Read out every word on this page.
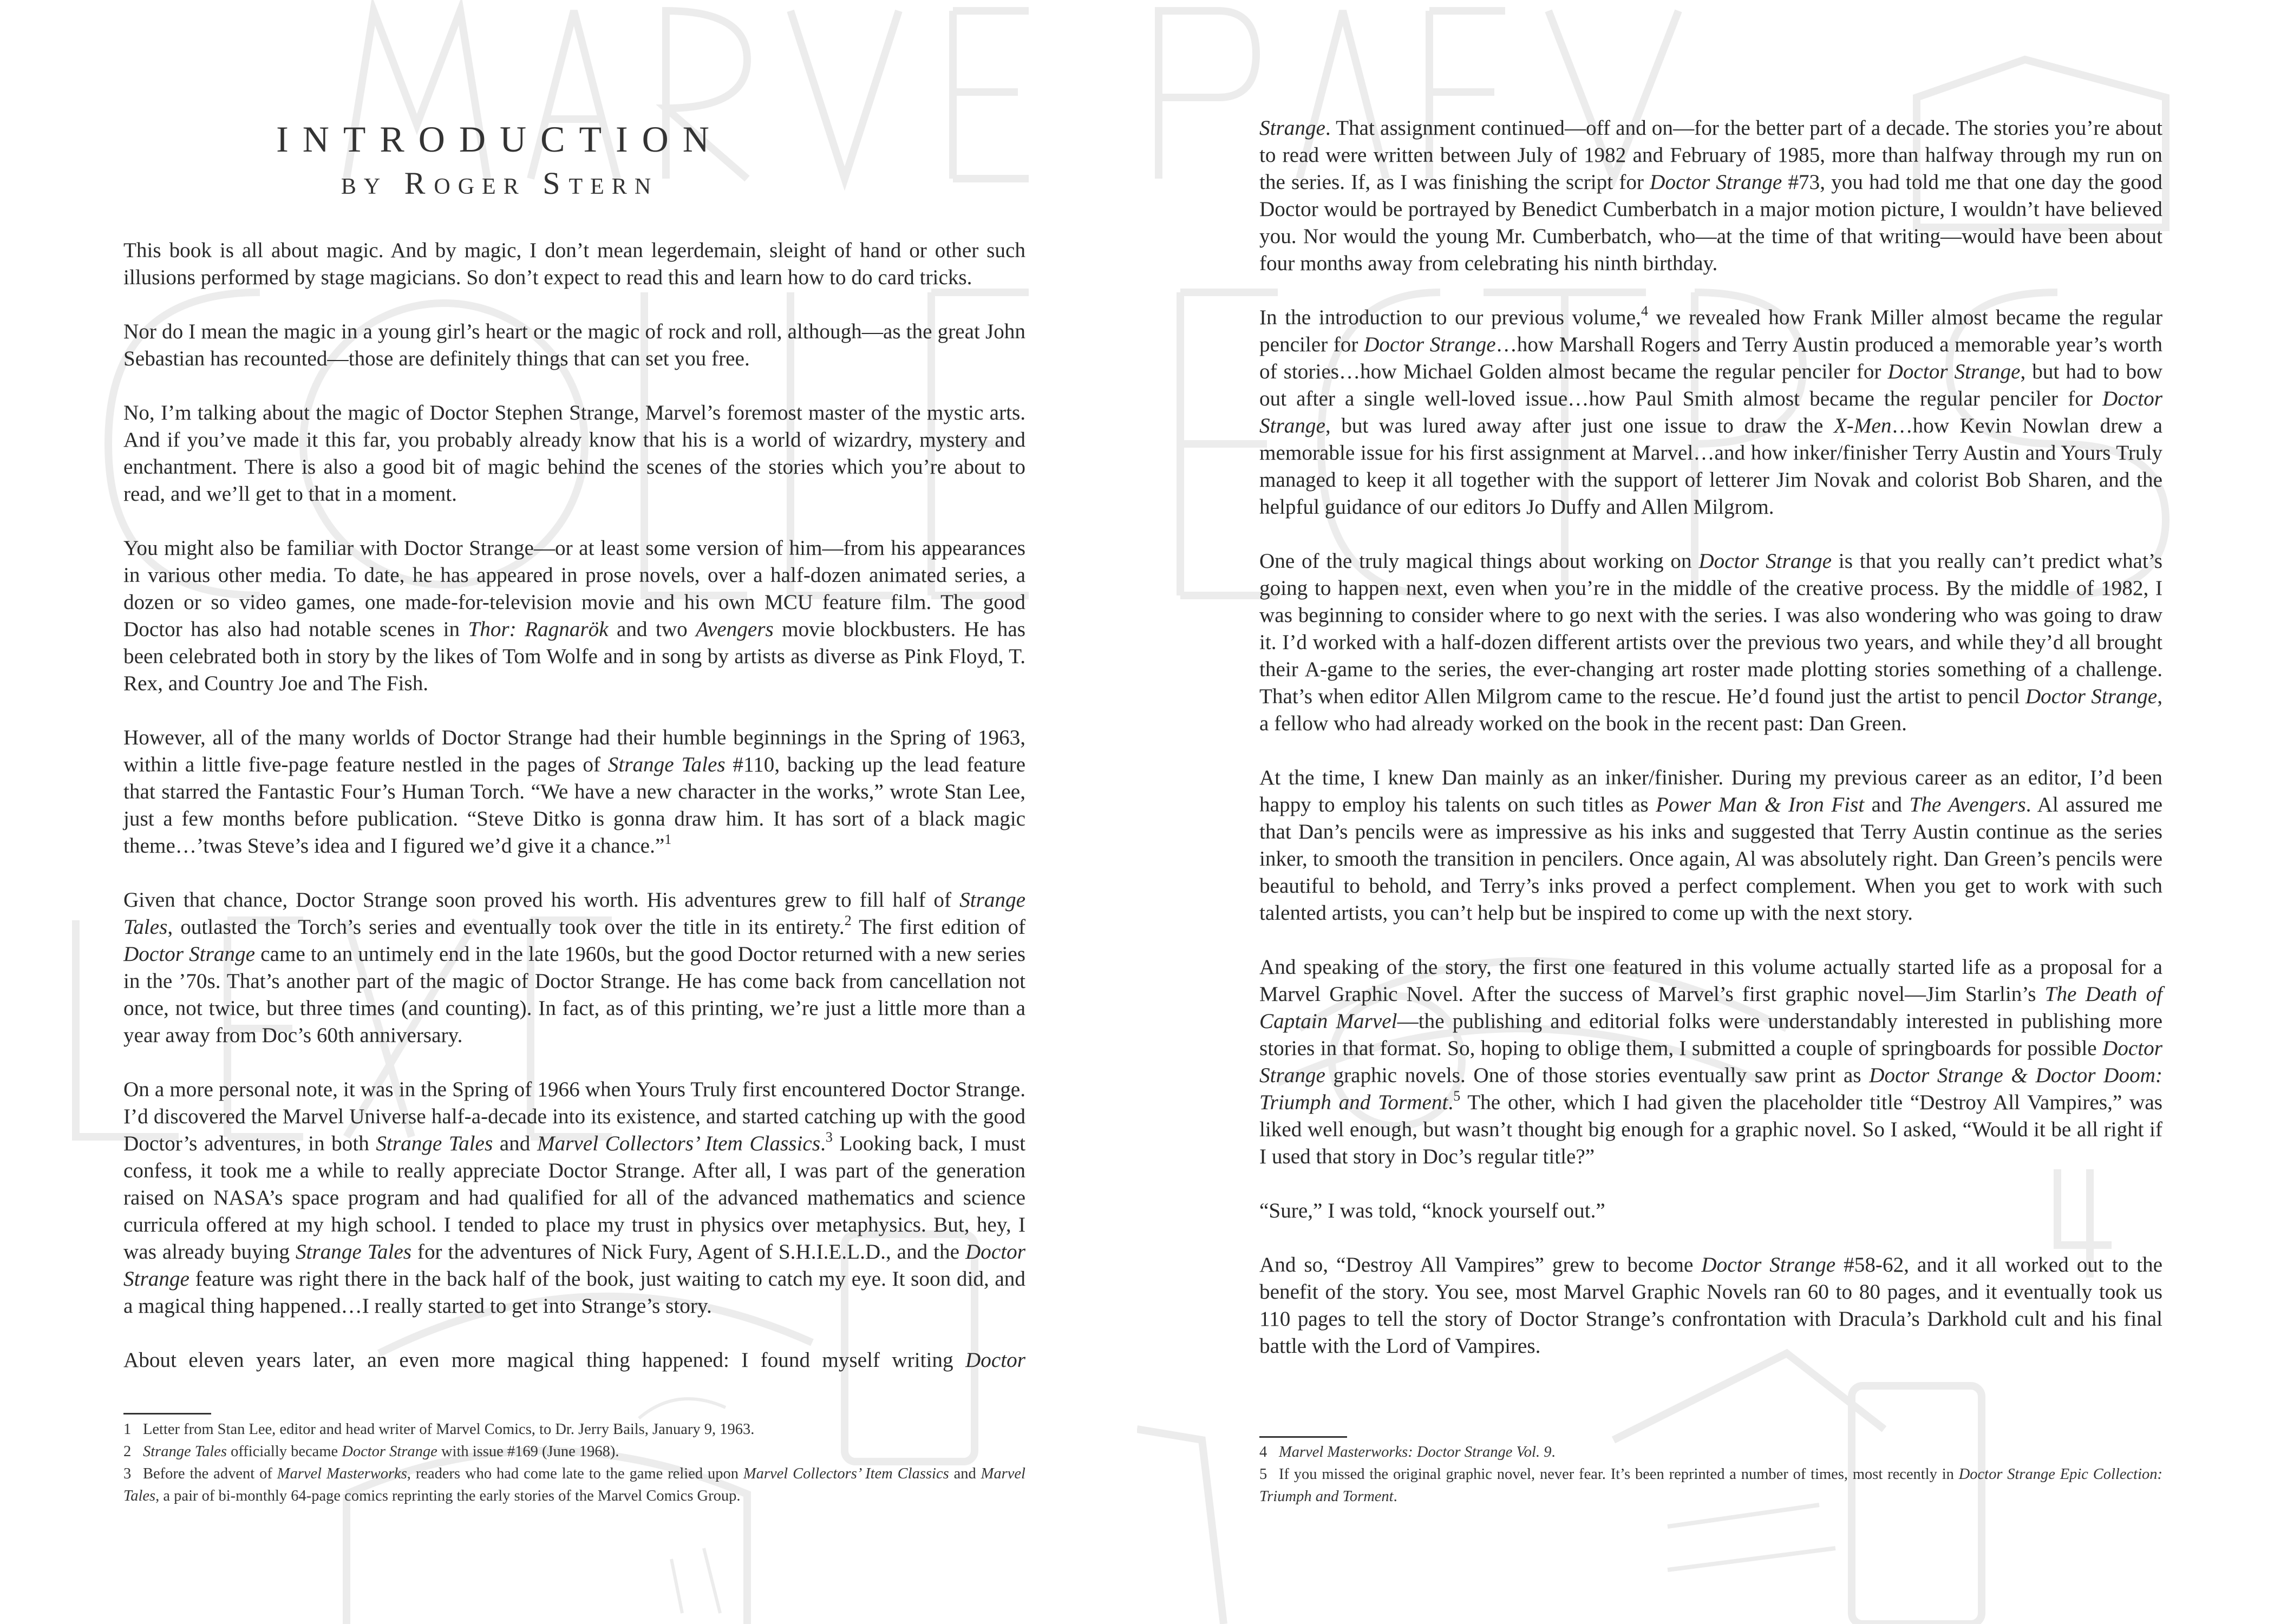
INTRODUCTION
BY ROGER STERN

This book is all about magic. And by magic, I don’t mean legerdemain, sleight of hand or other such illusions performed by stage magicians. So don’t expect to read this and learn how to do card tricks.

Nor do I mean the magic in a young girl’s heart or the magic of rock and roll, although—as the great John Sebastian has recounted—those are definitely things that can set you free.

No, I’m talking about the magic of Doctor Stephen Strange, Marvel’s foremost master of the mystic arts. And if you’ve made it this far, you probably already know that his is a world of wizardry, mystery and enchantment. There is also a good bit of magic behind the scenes of the stories which you’re about to read, and we’ll get to that in a moment.

You might also be familiar with Doctor Strange—or at least some version of him—from his appearances in various other media. To date, he has appeared in prose novels, over a half-dozen animated series, a dozen or so video games, one made-for-television movie and his own MCU feature film. The good Doctor has also had notable scenes in Thor: Ragnarök and two Avengers movie blockbusters. He has been celebrated both in story by the likes of Tom Wolfe and in song by artists as diverse as Pink Floyd, T. Rex, and Country Joe and The Fish.

However, all of the many worlds of Doctor Strange had their humble beginnings in the Spring of 1963, within a little five-page feature nestled in the pages of Strange Tales #110, backing up the lead feature that starred the Fantastic Four’s Human Torch. “We have a new character in the works,” wrote Stan Lee, just a few months before publication. “Steve Ditko is gonna draw him. It has sort of a black magic theme…’twas Steve’s idea and I figured we’d give it a chance.”$^1$

Given that chance, Doctor Strange soon proved his worth. His adventures grew to fill half of Strange Tales, outlasted the Torch’s series and eventually took over the title in its entirety.$^2$ The first edition of Doctor Strange came to an untimely end in the late 1960s, but the good Doctor returned with a new series in the ’70s. That’s another part of the magic of Doctor Strange. He has come back from cancellation not once, not twice, but three times (and counting). In fact, as of this printing, we’re just a little more than a year away from Doc’s 60th anniversary.

On a more personal note, it was in the Spring of 1966 when Yours Truly first encountered Doctor Strange. I’d discovered the Marvel Universe half-a-decade into its existence, and started catching up with the good Doctor’s adventures, in both Strange Tales and Marvel Collectors’ Item Classics.$^3$ Looking back, I must confess, it took me a while to really appreciate Doctor Strange. After all, I was part of the generation raised on NASA’s space program and had qualified for all of the advanced mathematics and science curricula offered at my high school. I tended to place my trust in physics over metaphysics. But, hey, I was already buying Strange Tales for the adventures of Nick Fury, Agent of S.H.I.E.L.D., and the Doctor Strange feature was right there in the back half of the book, just waiting to catch my eye. It soon did, and a magical thing happened…I really started to get into Strange’s story.

About eleven years later, an even more magical thing happened: I found myself writing Doctor

1 Letter from Stan Lee, editor and head writer of Marvel Comics, to Dr. Jerry Bails, January 9, 1963.

2 Strange Tales officially became Doctor Strange with issue #169 (June 1968).

3 Before the advent of Marvel Masterworks, readers who had come late to the game relied upon Marvel Collectors’ Item Classics and Marvel Tales, a pair of bi-monthly 64-page comics reprinting the early stories of the Marvel Comics Group.

Strange. That assignment continued—off and on—for the better part of a decade. The stories you’re about to read were written between July of 1982 and February of 1985, more than halfway through my run on the series. If, as I was finishing the script for Doctor Strange #73, you had told me that one day the good Doctor would be portrayed by Benedict Cumberbatch in a major motion picture, I wouldn’t have believed you. Nor would the young Mr. Cumberbatch, who—at the time of that writing—would have been about four months away from celebrating his ninth birthday.

In the introduction to our previous volume,$^4$ we revealed how Frank Miller almost became the regular penciler for Doctor Strange…how Marshall Rogers and Terry Austin produced a memorable year’s worth of stories…how Michael Golden almost became the regular penciler for Doctor Strange, but had to bow out after a single well-loved issue…how Paul Smith almost became the regular penciler for Doctor Strange, but was lured away after just one issue to draw the X-Men…how Kevin Nowlan drew a memorable issue for his first assignment at Marvel…and how inker/finisher Terry Austin and Yours Truly managed to keep it all together with the support of letterer Jim Novak and colorist Bob Sharen, and the helpful guidance of our editors Jo Duffy and Allen Milgrom.

One of the truly magical things about working on Doctor Strange is that you really can’t predict what’s going to happen next, even when you’re in the middle of the creative process. By the middle of 1982, I was beginning to consider where to go next with the series. I was also wondering who was going to draw it. I’d worked with a half-dozen different artists over the previous two years, and while they’d all brought their A-game to the series, the ever-changing art roster made plotting stories something of a challenge. That’s when editor Allen Milgrom came to the rescue. He’d found just the artist to pencil Doctor Strange, a fellow who had already worked on the book in the recent past: Dan Green.

At the time, I knew Dan mainly as an inker/finisher. During my previous career as an editor, I’d been happy to employ his talents on such titles as Power Man & Iron Fist and The Avengers. Al assured me that Dan’s pencils were as impressive as his inks and suggested that Terry Austin continue as the series inker, to smooth the transition in pencilers. Once again, Al was absolutely right. Dan Green’s pencils were beautiful to behold, and Terry’s inks proved a perfect complement. When you get to work with such talented artists, you can’t help but be inspired to come up with the next story.

And speaking of the story, the first one featured in this volume actually started life as a proposal for a Marvel Graphic Novel. After the success of Marvel’s first graphic novel—Jim Starlin’s The Death of Captain Marvel—the publishing and editorial folks were understandably interested in publishing more stories in that format. So, hoping to oblige them, I submitted a couple of springboards for possible Doctor Strange graphic novels. One of those stories eventually saw print as Doctor Strange & Doctor Doom: Triumph and Torment.$^5$ The other, which I had given the placeholder title “Destroy All Vampires,” was liked well enough, but wasn’t thought big enough for a graphic novel. So I asked, “Would it be all right if I used that story in Doc’s regular title?”

“Sure,” I was told, “knock yourself out.”

And so, “Destroy All Vampires” grew to become Doctor Strange #58-62, and it all worked out to the benefit of the story. You see, most Marvel Graphic Novels ran 60 to 80 pages, and it eventually took us 110 pages to tell the story of Doctor Strange’s confrontation with Dracula’s Darkhold cult and his final battle with the Lord of Vampires.

4 Marvel Masterworks: Doctor Strange Vol. 9.

5 If you missed the original graphic novel, never fear. It’s been reprinted a number of times, most recently in Doctor Strange Epic Collection: Triumph and Torment.
